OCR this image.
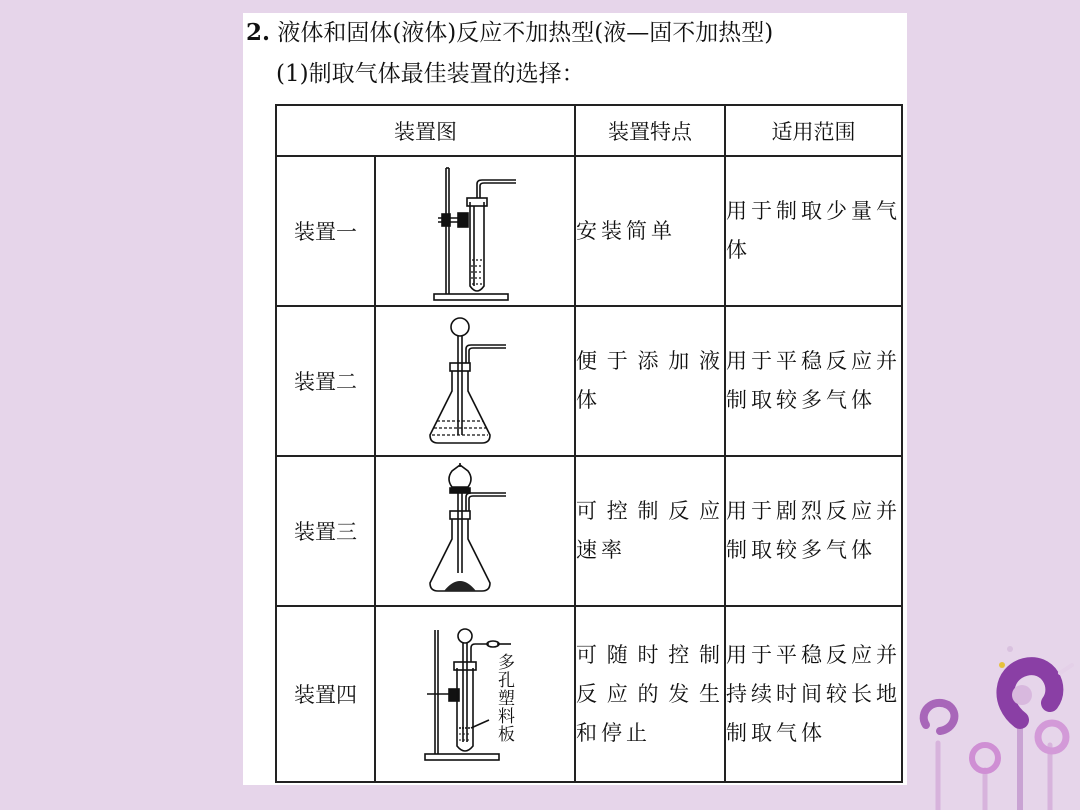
2. 液体和固体(液体)反应不加热型(液—固不加热型)
(1)制取气体最佳装置的选择：
装置图		装置特点	适用范围
装置一		安装简单	用于制取少量气体
装置二		便于添加液体	用于平稳反应并制取较多气体
装置三		可控制反应速率	用于剧烈反应并制取较多气体
装置四		可随时控制反应的发生和停止	用于平稳反应并持续时间较长地制取气体
多孔塑料板
